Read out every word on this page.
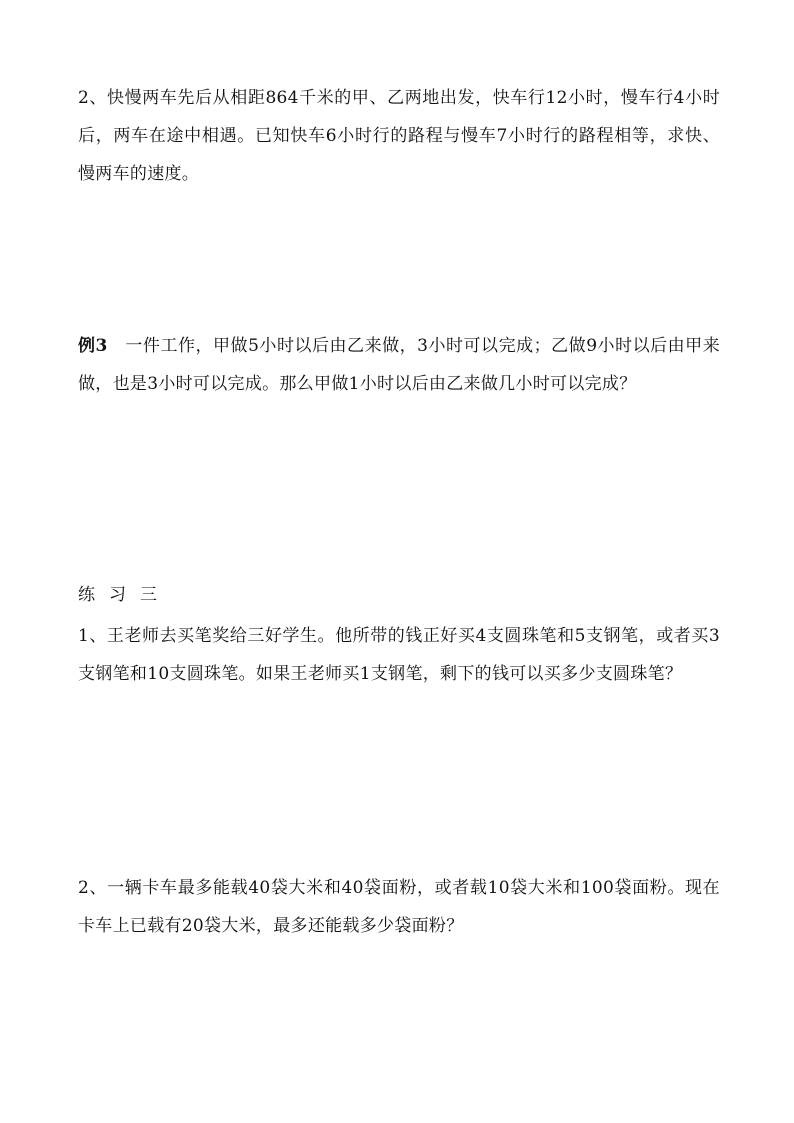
2、快慢两车先后从相距864千米的甲、乙两地出发，快车行12小时，慢车行4小时后，两车在途中相遇。已知快车6小时行的路程与慢车7小时行的路程相等，求快、慢两车的速度。
例3　一件工作，甲做5小时以后由乙来做，3小时可以完成；乙做9小时以后由甲来做，也是3小时可以完成。那么甲做1小时以后由乙来做几小时可以完成？
练习三
1、王老师去买笔奖给三好学生。他所带的钱正好买4支圆珠笔和5支钢笔，或者买3支钢笔和10支圆珠笔。如果王老师买1支钢笔，剩下的钱可以买多少支圆珠笔？
2、一辆卡车最多能载40袋大米和40袋面粉，或者载10袋大米和100袋面粉。现在卡车上已载有20袋大米，最多还能载多少袋面粉？
